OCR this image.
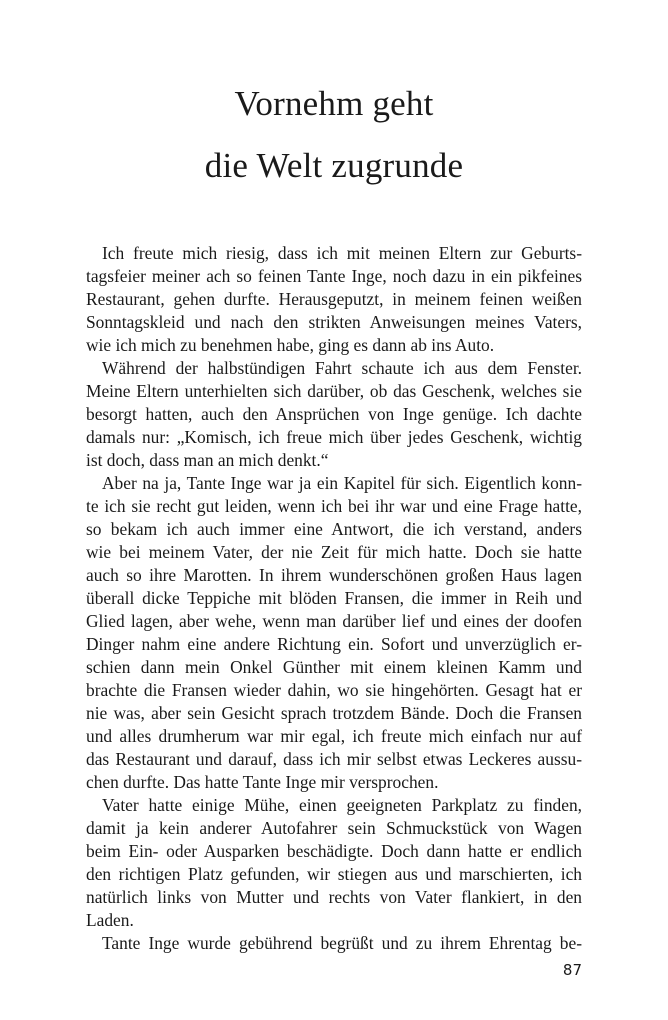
Vornehm geht
die Welt zugrunde
Ich freute mich riesig, dass ich mit meinen Eltern zur Geburts-
tagsfeier meiner ach so feinen Tante Inge, noch dazu in ein pikfeines
Restaurant, gehen durfte. Herausgeputzt, in meinem feinen weißen
Sonntagskleid und nach den strikten Anweisungen meines Vaters,
wie ich mich zu benehmen habe, ging es dann ab ins Auto.
Während der halbstündigen Fahrt schaute ich aus dem Fenster.
Meine Eltern unterhielten sich darüber, ob das Geschenk, welches sie
besorgt hatten, auch den Ansprüchen von Inge genüge. Ich dachte
damals nur: „Komisch, ich freue mich über jedes Geschenk, wichtig
ist doch, dass man an mich denkt.“
Aber na ja, Tante Inge war ja ein Kapitel für sich. Eigentlich konn-
te ich sie recht gut leiden, wenn ich bei ihr war und eine Frage hatte,
so bekam ich auch immer eine Antwort, die ich verstand, anders
wie bei meinem Vater, der nie Zeit für mich hatte. Doch sie hatte
auch so ihre Marotten. In ihrem wunderschönen großen Haus lagen
überall dicke Teppiche mit blöden Fransen, die immer in Reih und
Glied lagen, aber wehe, wenn man darüber lief und eines der doofen
Dinger nahm eine andere Richtung ein. Sofort und unverzüglich er-
schien dann mein Onkel Günther mit einem kleinen Kamm und
brachte die Fransen wieder dahin, wo sie hingehörten. Gesagt hat er
nie was, aber sein Gesicht sprach trotzdem Bände. Doch die Fransen
und alles drumherum war mir egal, ich freute mich einfach nur auf
das Restaurant und darauf, dass ich mir selbst etwas Leckeres aussu-
chen durfte. Das hatte Tante Inge mir versprochen.
Vater hatte einige Mühe, einen geeigneten Parkplatz zu finden,
damit ja kein anderer Autofahrer sein Schmuckstück von Wagen
beim Ein- oder Ausparken beschädigte. Doch dann hatte er endlich
den richtigen Platz gefunden, wir stiegen aus und marschierten, ich
natürlich links von Mutter und rechts von Vater flankiert, in den
Laden.
Tante Inge wurde gebührend begrüßt und zu ihrem Ehrentag be-
87
